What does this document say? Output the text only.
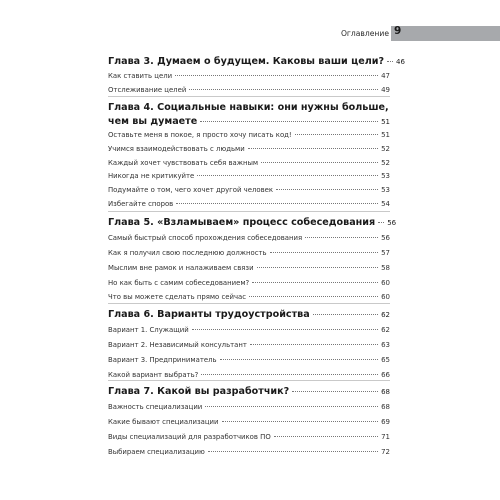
Оглавление 9
Глава 3. Думаем о будущем. Каковы ваши цели? 46
Как ставить цели	47
Отслеживание целей	49
Глава 4. Социальные навыки: они нужны больше,
чем вы думаете	51
Оставьте меня в покое, я просто хочу писать код!	51
Учимся взаимодействовать с людьми	52
Каждый хочет чувствовать себя важным	52
Никогда не критикуйте	53
Подумайте о том, чего хочет другой человек	53
Избегайте споров	54
Глава 5. «Взламываем» процесс собеседования 56
Самый быстрый способ прохождения собеседования	56
Как я получил свою последнюю должность	57
Мыслим вне рамок и налаживаем связи	58
Но как быть с самим собеседованием?	60
Что вы можете сделать прямо сейчас	60
Глава 6. Варианты трудоустройства	62
Вариант 1. Служащий	62
Вариант 2. Независимый консультант	63
Вариант 3. Предприниматель	65
Какой вариант выбрать?	66
Глава 7. Какой вы разработчик?	68
Важность специализации	68
Какие бывают специализации	69
Виды специализаций для разработчиков ПО	71
Выбираем специализацию	72
